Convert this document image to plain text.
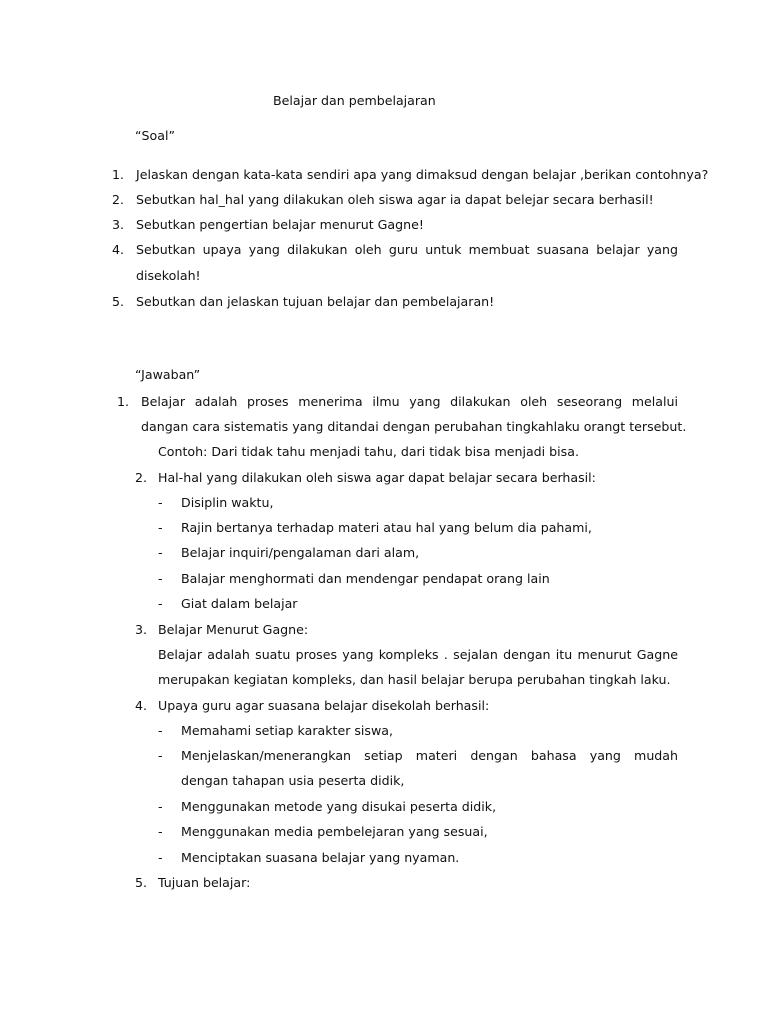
Belajar dan pembelajaran
“Soal”
1. Jelaskan dengan kata-kata sendiri apa yang dimaksud dengan belajar ,berikan contohnya?
2. Sebutkan hal_hal yang dilakukan oleh siswa agar ia dapat belejar secara berhasil!
3. Sebutkan pengertian belajar menurut Gagne!
4. Sebutkan upaya yang dilakukan oleh guru untuk membuat suasana belajar yang
disekolah!
5. Sebutkan dan jelaskan tujuan belajar dan pembelajaran!
“Jawaban”
1. Belajar adalah proses menerima ilmu yang dilakukan oleh seseorang melalui
dangan cara sistematis yang ditandai dengan perubahan tingkahlaku orangt tersebut.
Contoh: Dari tidak tahu menjadi tahu, dari tidak bisa menjadi bisa.
2. Hal-hal yang dilakukan oleh siswa agar dapat belajar secara berhasil:
- Disiplin waktu,
- Rajin bertanya terhadap materi atau hal yang belum dia pahami,
- Belajar inquiri/pengalaman dari alam,
- Balajar menghormati dan mendengar pendapat orang lain
- Giat dalam belajar
3. Belajar Menurut Gagne:
Belajar adalah suatu proses yang kompleks . sejalan dengan itu menurut Gagne
merupakan kegiatan kompleks, dan hasil belajar berupa perubahan tingkah laku.
4. Upaya guru agar suasana belajar disekolah berhasil:
- Memahami setiap karakter siswa,
- Menjelaskan/menerangkan setiap materi dengan bahasa yang mudah
dengan tahapan usia peserta didik,
- Menggunakan metode yang disukai peserta didik,
- Menggunakan media pembelejaran yang sesuai,
- Menciptakan suasana belajar yang nyaman.
5. Tujuan belajar:
